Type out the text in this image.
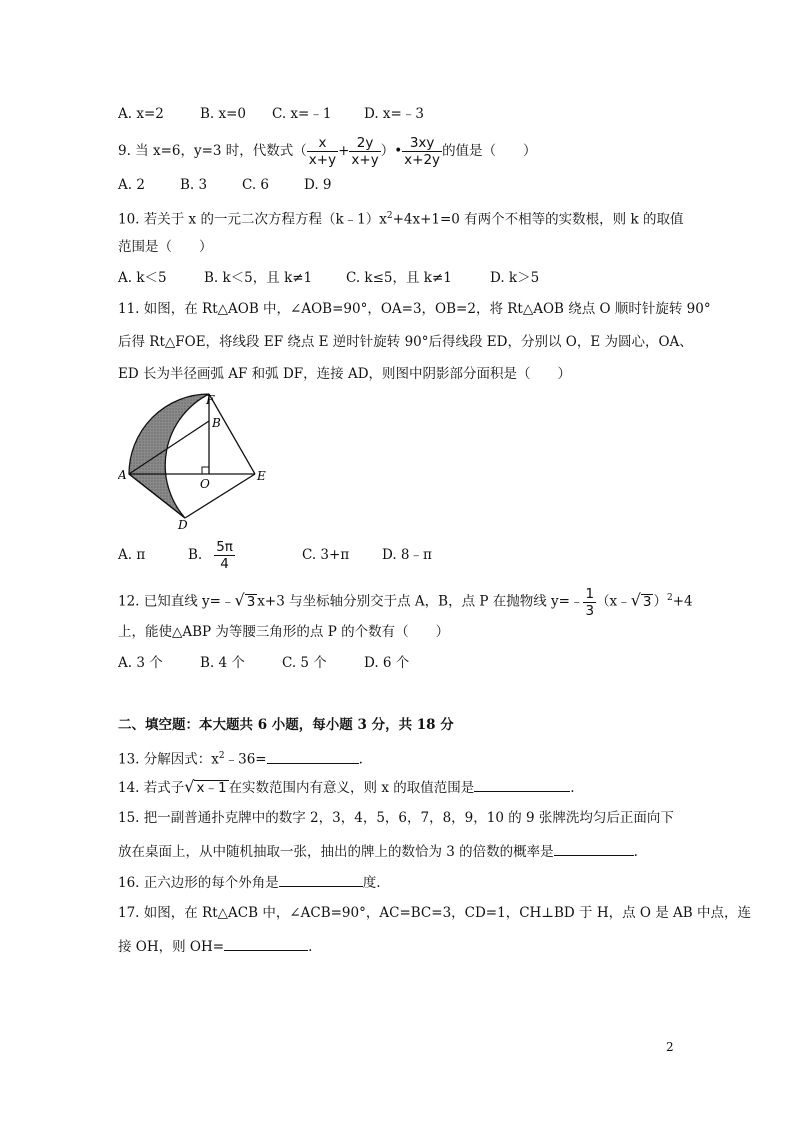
A. x=2	B. x=0 C. x=﹣1 D. x=﹣3
9. 当 x=6，y=3 时，代数式（ $\frac{x}{x+y} + \frac{2y}{x+y}$ ）• $\frac{3xy}{x+2y}$ 的值是（　　）
A. 2	B. 3	C. 6	D. 9
10. 若关于 x 的一元二次方程方程$(k﹣1)x^2+4x+1=0$ 有两个不相等的实数根，则 k 的取值
范围是（　　）
A. k＜5	B. k＜5，且 k≠1	C. k≤5，且 k≠1	D. k＞5
11. 如图，在 Rt△AOB 中，∠AOB=90°，OA=3，OB=2，将 Rt△AOB 绕点 O 顺时针旋转 90°
后得 Rt△FOE，将线段 EF 绕点 E 逆时针旋转 90°后得线段 ED，分别以 O，E 为圆心，OA、
ED 长为半径画弧 AF 和弧 DF，连接 AD，则图中阴影部分面积是（　　）
F
B
A
O
E
D
A. π	B. $\frac{5\pi}{4}$	C. 3+π D. 8﹣π
12. 已知直线 y=﹣√ 3 x+3 与坐标轴分别交于点 A，B，点 P 在抛物线 y=﹣ $\frac{1}{3}$ （x﹣√ 3 ）$^2$+4
上，能使△ABP 为等腰三角形的点 P 的个数有（　　）
A. 3 个	B. 4 个	C. 5 个	D. 6 个
二、填空题：本大题共 6 小题，每小题 3 分，共 18 分
13. 分解因式：$x^2﹣36=$	.
14. 若式子√ x﹣1 在实数范围内有意义，则 x 的取值范围是	.
15. 把一副普通扑克牌中的数字 2，3，4，5，6，7，8，9，10 的 9 张牌洗均匀后正面向下
放在桌面上，从中随机抽取一张，抽出的牌上的数恰为 3 的倍数的概率是	.
16. 正六边形的每个外角是	度.
17. 如图，在 Rt△ACB 中，∠ACB=90°，AC=BC=3，CD=1，CH⊥BD 于 H，点 O 是 AB 中点，连
接 OH，则 OH=	.
2
